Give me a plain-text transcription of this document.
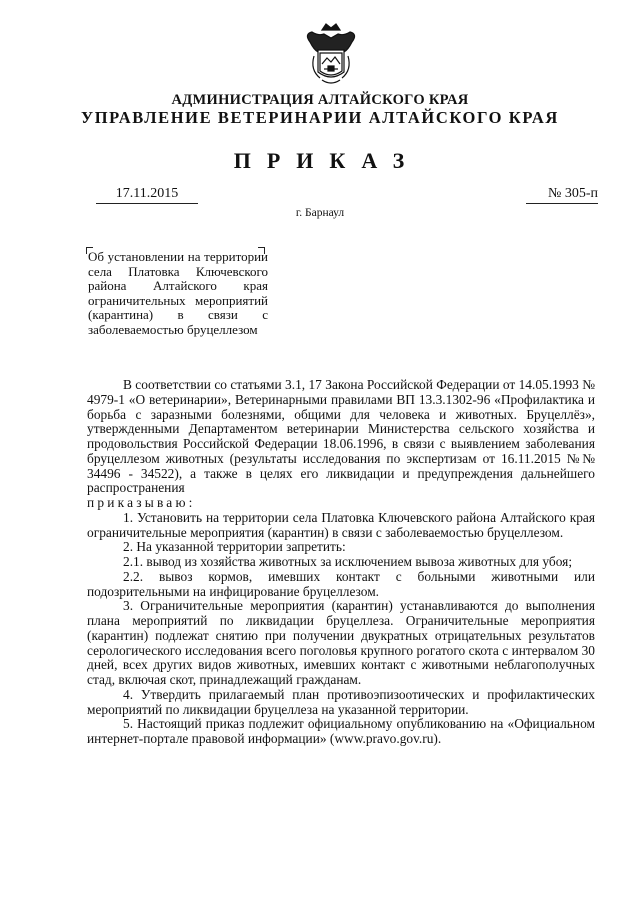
АДМИНИСТРАЦИЯ АЛТАЙСКОГО КРАЯ
УПРАВЛЕНИЕ ВЕТЕРИНАРИИ АЛТАЙСКОГО КРАЯ
ПРИКАЗ
17.11.2015	№ 305-п
г. Барнаул
Об установлении на территории села Платовка Ключевского района Алтайского края ограничительных мероприятий (карантина) в связи с заболеваемостью бруцеллезом

В соответствии со статьями 3.1, 17 Закона Российской Федерации от 14.05.1993 № 4979-1 «О ветеринарии», Ветеринарными правилами ВП 13.3.1302-96 «Профилактика и борьба с заразными болезнями, общими для человека и животных. Бруцеллёз», утвержденными Департаментом ветеринарии Министерства сельского хозяйства и продовольствия Российской Федерации 18.06.1996, в связи с выявлением заболевания бруцеллезом животных (результаты исследования по экспертизам от 16.11.2015 №№ 34496 - 34522), а также в целях его ликвидации и предупреждения дальнейшего распространения

приказываю:

1. Установить на территории села Платовка Ключевского района Алтайского края ограничительные мероприятия (карантин) в связи с заболеваемостью бруцеллезом.

2. На указанной территории запретить:

2.1. вывод из хозяйства животных за исключением вывоза животных для убоя;

2.2. вывоз кормов, имевших контакт с больными животными или подозрительными на инфицирование бруцеллезом.

3. Ограничительные мероприятия (карантин) устанавливаются до выполнения плана мероприятий по ликвидации бруцеллеза. Ограничительные мероприятия (карантин) подлежат снятию при получении двукратных отрицательных результатов серологического исследования всего поголовья крупного рогатого скота с интервалом 30 дней, всех других видов животных, имевших контакт с животными неблагополучных стад, включая скот, принадлежащий гражданам.

4. Утвердить прилагаемый план противоэпизоотических и профилактических мероприятий по ликвидации бруцеллеза на указанной территории.

5. Настоящий приказ подлежит официальному опубликованию на «Официальном интернет-портале правовой информации» (www.pravo.gov.ru).
